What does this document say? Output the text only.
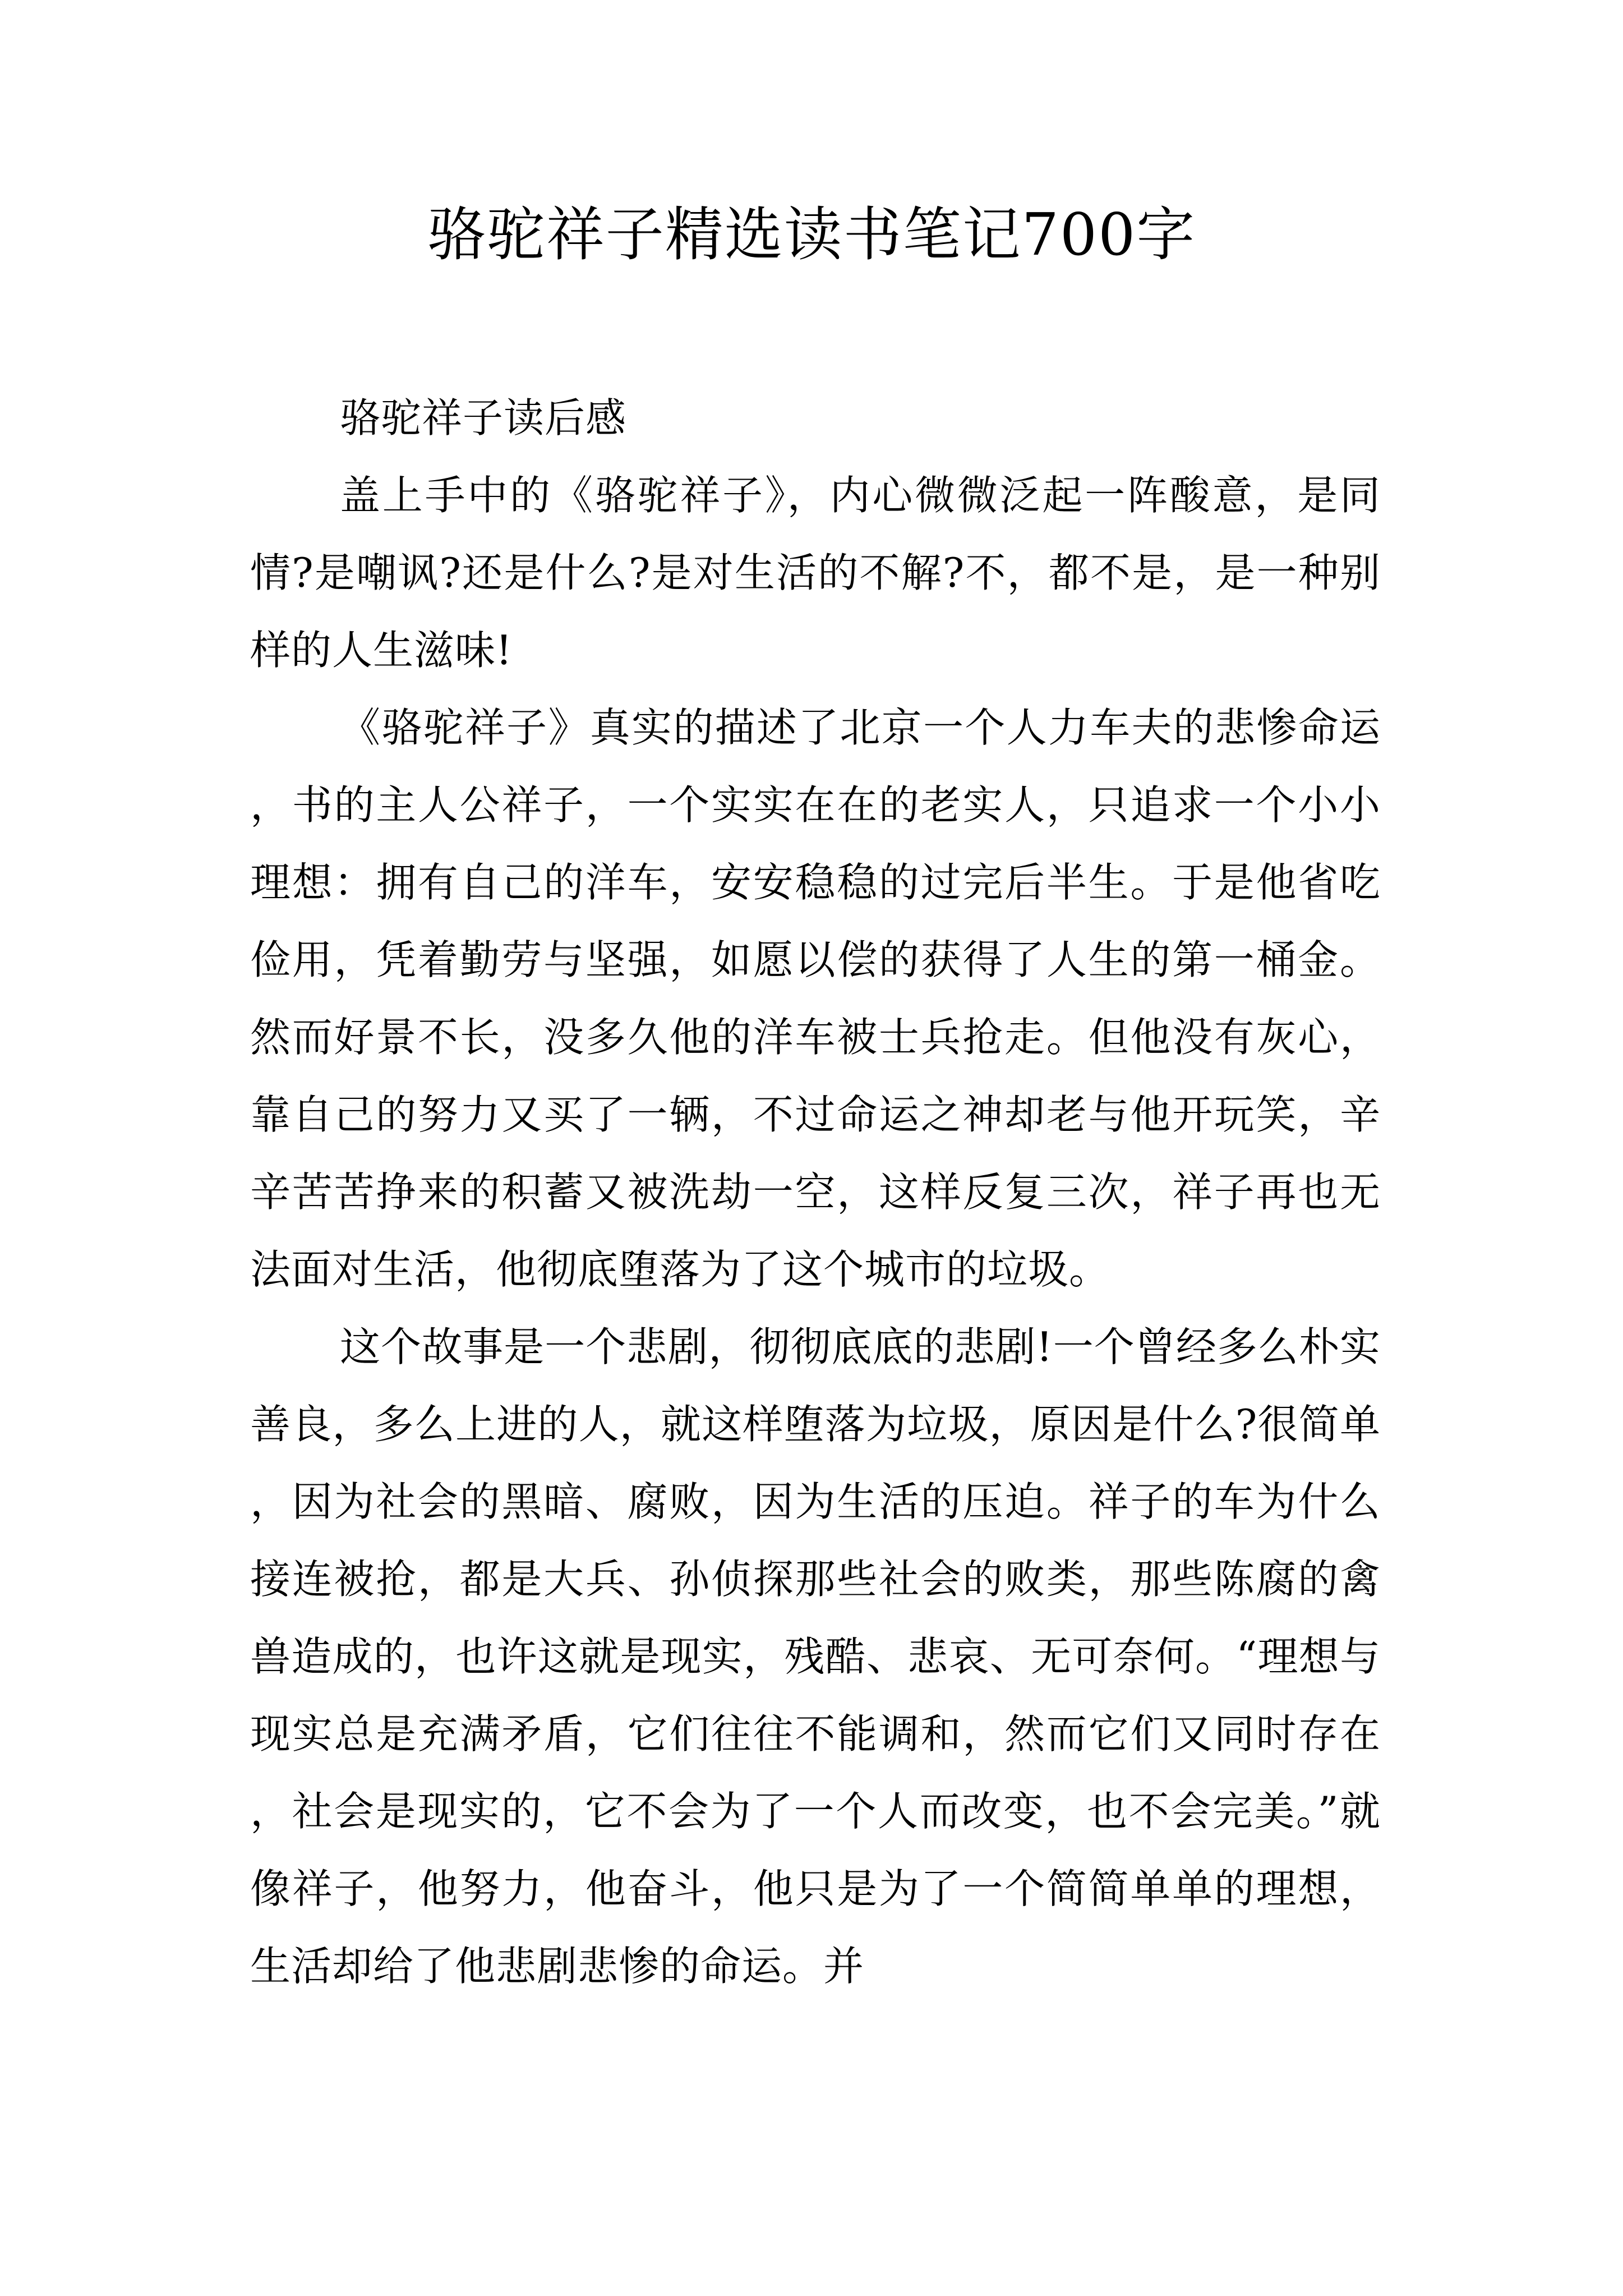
骆驼祥子精选读书笔记700字

骆驼祥子读后感

盖上手中的《骆驼祥子》，内心微微泛起一阵酸意，是同情?是嘲讽?还是什么?是对生活的不解?不，都不是，是一种别样的人生滋味!

《骆驼祥子》真实的描述了北京一个人力车夫的悲惨命运，书的主人公祥子，一个实实在在的老实人，只追求一个小小理想：拥有自己的洋车，安安稳稳的过完后半生。于是他省吃俭用，凭着勤劳与坚强，如愿以偿的获得了人生的第一桶金。然而好景不长，没多久他的洋车被士兵抢走。但他没有灰心，靠自己的努力又买了一辆，不过命运之神却老与他开玩笑，辛辛苦苦挣来的积蓄又被洗劫一空，这样反复三次，祥子再也无法面对生活，他彻底堕落为了这个城市的垃圾。

这个故事是一个悲剧，彻彻底底的悲剧!一个曾经多么朴实善良，多么上进的人，就这样堕落为垃圾，原因是什么?很简单，因为社会的黑暗、腐败，因为生活的压迫。祥子的车为什么接连被抢，都是大兵、孙侦探那些社会的败类，那些陈腐的禽兽造成的，也许这就是现实，残酷、悲哀、无可奈何。“理想与现实总是充满矛盾，它们往往不能调和，然而它们又同时存在，社会是现实的，它不会为了一个人而改变，也不会完美。”就像祥子，他努力，他奋斗，他只是为了一个简简单单的理想，生活却给了他悲剧悲惨的命运。并
